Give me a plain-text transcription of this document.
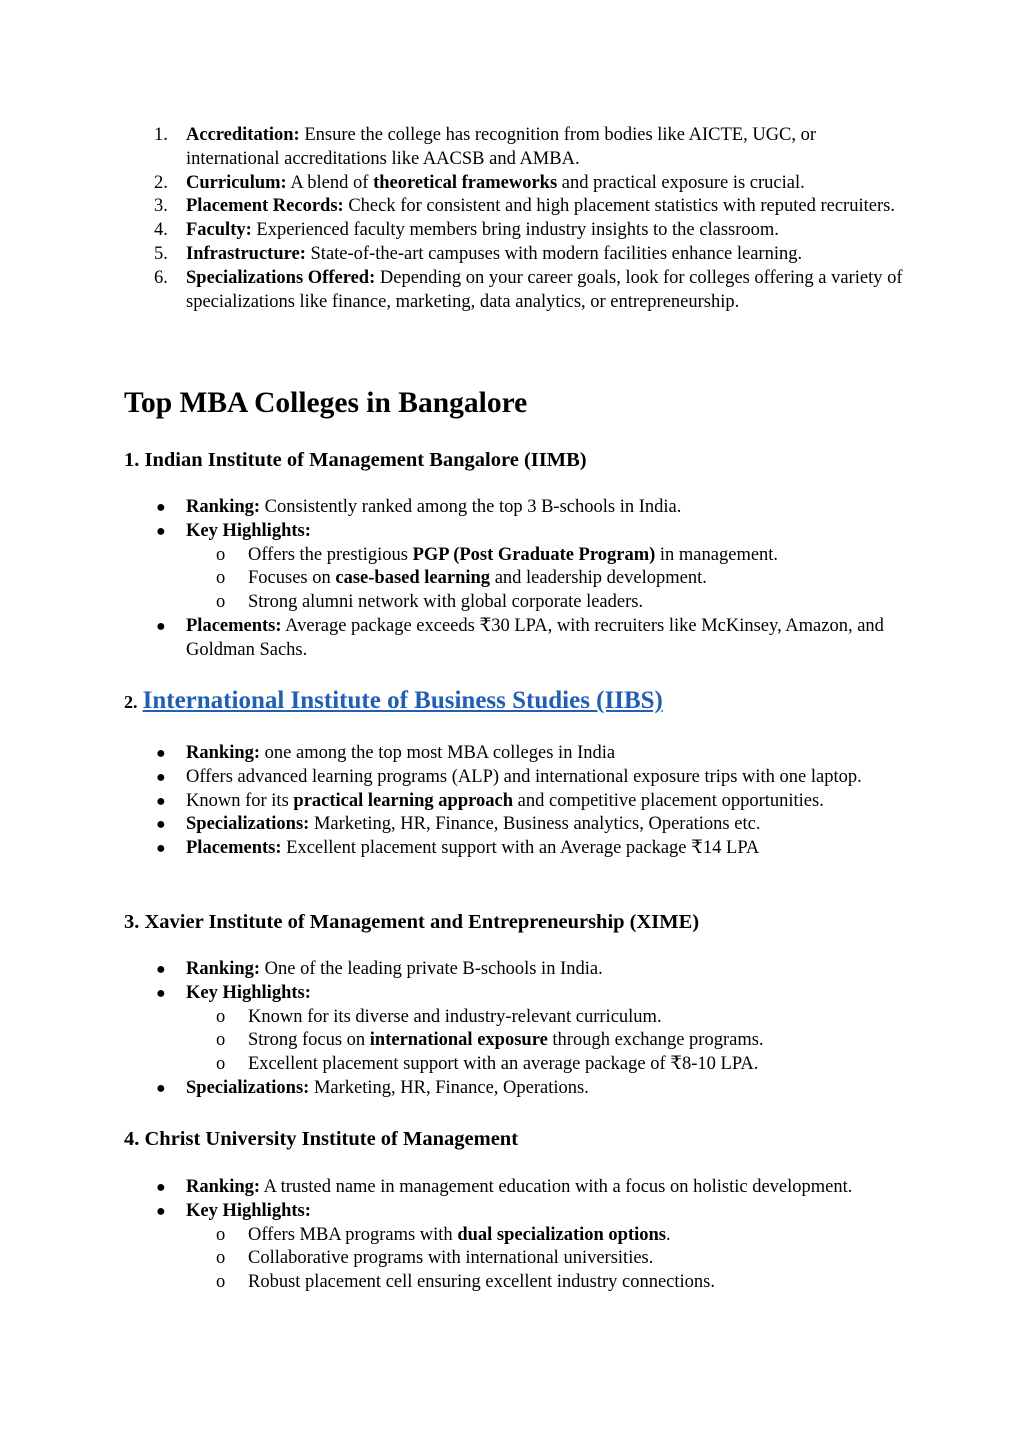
1. Accreditation: Ensure the college has recognition from bodies like AICTE, UGC, or international accreditations like AACSB and AMBA.
2. Curriculum: A blend of theoretical frameworks and practical exposure is crucial.
3. Placement Records: Check for consistent and high placement statistics with reputed recruiters.
4. Faculty: Experienced faculty members bring industry insights to the classroom.
5. Infrastructure: State-of-the-art campuses with modern facilities enhance learning.
6. Specializations Offered: Depending on your career goals, look for colleges offering a variety of specializations like finance, marketing, data analytics, or entrepreneurship.
Top MBA Colleges in Bangalore
1. Indian Institute of Management Bangalore (IIMB)
● Ranking: Consistently ranked among the top 3 B-schools in India.
● Key Highlights:
o Offers the prestigious PGP (Post Graduate Program) in management.
o Focuses on case-based learning and leadership development.
o Strong alumni network with global corporate leaders.
● Placements: Average package exceeds ₹30 LPA, with recruiters like McKinsey, Amazon, and Goldman Sachs.
2. International Institute of Business Studies (IIBS)
● Ranking: one among the top most MBA colleges in India
● Offers advanced learning programs (ALP) and international exposure trips with one laptop.
● Known for its practical learning approach and competitive placement opportunities.
● Specializations: Marketing, HR, Finance, Business analytics, Operations etc.
● Placements: Excellent placement support with an Average package ₹14 LPA
3. Xavier Institute of Management and Entrepreneurship (XIME)
● Ranking: One of the leading private B-schools in India.
● Key Highlights:
o Known for its diverse and industry-relevant curriculum.
o Strong focus on international exposure through exchange programs.
o Excellent placement support with an average package of ₹8-10 LPA.
● Specializations: Marketing, HR, Finance, Operations.
4. Christ University Institute of Management
● Ranking: A trusted name in management education with a focus on holistic development.
● Key Highlights:
o Offers MBA programs with dual specialization options.
o Collaborative programs with international universities.
o Robust placement cell ensuring excellent industry connections.
